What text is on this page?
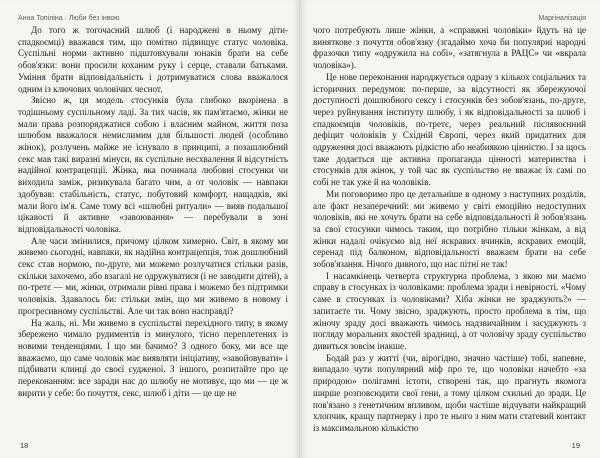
Анна Топіліна · Люби без інвою

До того ж тогочасний шлюб (і народжені в ньому діти-спадкоємці) вважався тим, що помітно підвищує статус чоловіка. Суспільні норми активно підштовхували юнаків брати на себе обов'язки: вони просили коханим руку і серце, ставали батьками. Уміння брати відповідальність і дотримуватися слова вважалося одним із ключових чоловічих чеснот.

Звісно ж, ця модель стосунків була глибоко вкорінена в тодішньому суспільному ладі. За тих часів, як пам'ятаємо, жінки не мали права розпоряджатися собою і власним майном, життя поза шлюбом вважалося немислимим для більшості людей (особливо жінок), розлучень майже не існувало в принципі, а позашлюбний секс мав такі виразні мінуси, як суспільне несхвалення й відсутність надійної контрацепції. Жінка, яка починала любовні стосунки чи виходила заміж, ризикувала багато чим, а от чоловік — навпаки здобував: стабільність, статус, побутовий комфорт, нащадків, які мали його ім'я. Саме тому всі «шлюбні ритуали» — вияв подальшої цікавості й активне «завоювання» — перебували в зоні відповідальності чоловіка.

Але часи змінилися, причому цілком химерно. Світ, в якому ми живемо сьогодні, навпаки, як надійна контрацепція, тож дошлюбний секс став нормою, по-друге, ми можемо розлучатися стільки разів, скільки захочемо, або взагалі не одружуватися (і не заводити дітей), а по-третє — ми, жінки, отримали рівні права і можемо без підтримки чоловіків. Здавалось би: стільки змін, що ми живемо в новому і прогресивному суспільстві. Але чи так воно насправді?

На жаль, ні. Ми живемо в суспільстві перехідного типу, в якому збережено чимало рудиментів із минулого, тісно переплетених із новими тенденціями. І що ми бачимо? З одного боку, ми все ще вважаємо, що саме чоловік має виявляти ініціативу, «завойовувати» і підбивати клинці до своєї судженої. З іншого, розпитайте про це переконанням: все заради нас до шлюбу не мотивує, що ми — це ж вирити у себе: бо почуття, секс, шлюб і діти — це ще не

18
Маргіналізація

чого потребують лише жінки, а «справжні чоловіки» йдуть на це виняткове з почуття обов'язку (згадаймо хоча би популярні народні фразочки типу «одружила на собі», «затягнула в РАЦС» чи «вкрала чоловіка»).

Це нове переконання народжується одразу з кількох соціальних та історичних передумов: по-перше, за відсутності як збережуючої доступності дошлюбного сексу і стосунків без зобов'язань, по-друге, через руйнування інституту шлюбу, і як відповідальності за шлюб і спадкоємців чоловіків, по-третє, через реальний післявоєнний дефіцит чоловіків у Східній Європі, через який придатних для одруження досі вважають рідкістю або неабиякою цінністю. І за щось таке додається ще активна пропаганда цінності материнства і стосунків для жінок, у той час як суспільство не вважає їх самі по собі не так уже й на чоловіків.

Ми поговоримо про це детальніше в одному з наступних розділів, але факт незаперечний: ми живемо у світі емоційно недоступних чоловіків, які не хочуть брати на себе відповідальності й зобов'язань за свої стосунки чимось таким, що потрібно тільки жінкам, а від жінки надалі очікуємо від неї яскравих вчинків, яскравих емоцій, серенад під балконом, відповідальності вважаєм брати на себе зобов'язання. Нічого дивного, що нас пітні не так!

І насамкінець четверта структурна проблема, з якою ми маємо справу в стосунках із чоловіками: проблема зради і невірності. «Чому саме в стосунках із чоловіками? Хіба жінки не зраджують?» — запитаєте ти. Чому звісно, зраджують, просто проблема в тім, що жіночу зраду досі вважають чимось надзвичайним і засуджують з погляду моральних якостей зрадниці, а от чоловічу зраду суспільство дивиться зовсім інакше.

Бодай раз у житті (чи, вірогідно, значно частіше) тобі, напевне, випадало чути популярний міф про те, що чоловіки начебто «за природою» полігамні істоти, створені так, що прагнуть якомога ширше розповсюдити свої гени, а тому цілком схильні до зради. Це пов'язано з генетичним впливом, щоби частіше відчувати найкращий хлопчик, кращу партнерку і про те нього з ним мати статевий контакт із максимальною кількістю

19
